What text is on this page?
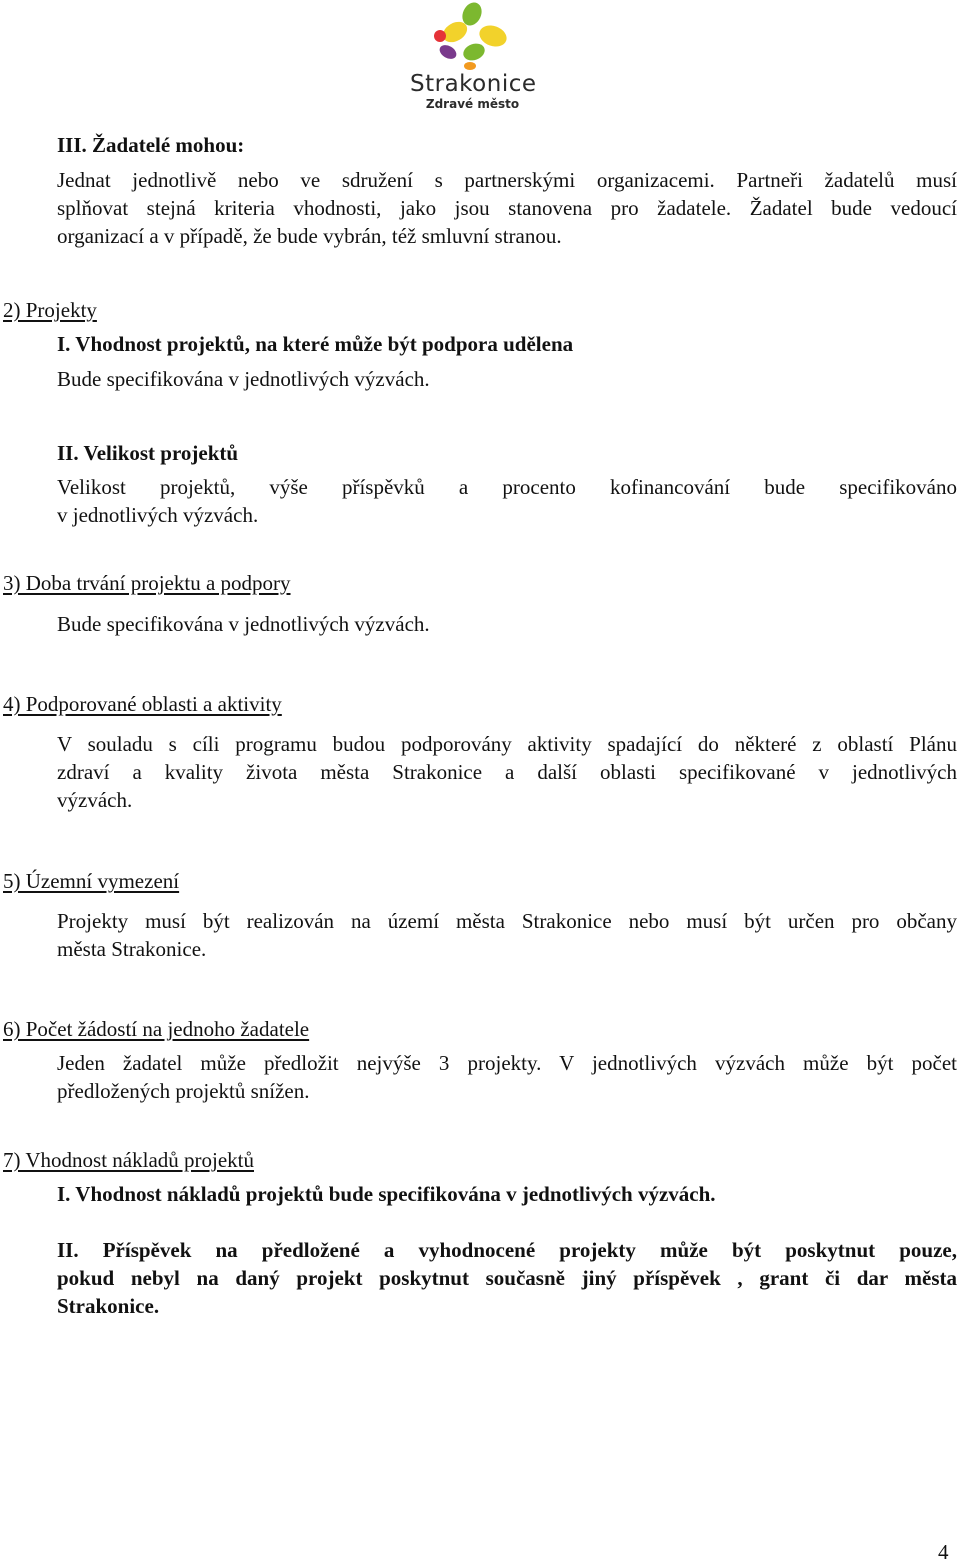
Strakonice
Zdravé město
III. Žadatelé mohou:
Jednat jednotlivě nebo ve sdružení s partnerskými organizacemi. Partneři žadatelů musí
splňovat stejná kriteria vhodnosti, jako jsou stanovena pro žadatele. Žadatel bude vedoucí
organizací a v případě, že bude vybrán, též smluvní stranou.
2) Projekty
I. Vhodnost projektů, na které může být podpora udělena
Bude specifikována v jednotlivých výzvách.
II. Velikost projektů
Velikost projektů, výše příspěvků a procento kofinancování bude specifikováno
v jednotlivých výzvách.
3) Doba trvání projektu a podpory
Bude specifikována v jednotlivých výzvách.
4) Podporované oblasti a aktivity
V souladu s cíli programu budou podporovány aktivity spadající do některé z oblastí Plánu
zdraví a kvality života města Strakonice a další oblasti specifikované v jednotlivých
výzvách.
5) Územní vymezení
Projekty musí být realizován na území města Strakonice nebo musí být určen pro občany
města Strakonice.
6) Počet žádostí na jednoho žadatele
Jeden žadatel může předložit nejvýše 3 projekty. V jednotlivých výzvách může být počet
předložených projektů snížen.
7) Vhodnost nákladů projektů
I. Vhodnost nákladů projektů bude specifikována v jednotlivých výzvách.
II. Příspěvek na předložené a vyhodnocené projekty může být poskytnut pouze,
pokud nebyl na daný projekt poskytnut současně jiný příspěvek , grant či dar města
Strakonice.
4
